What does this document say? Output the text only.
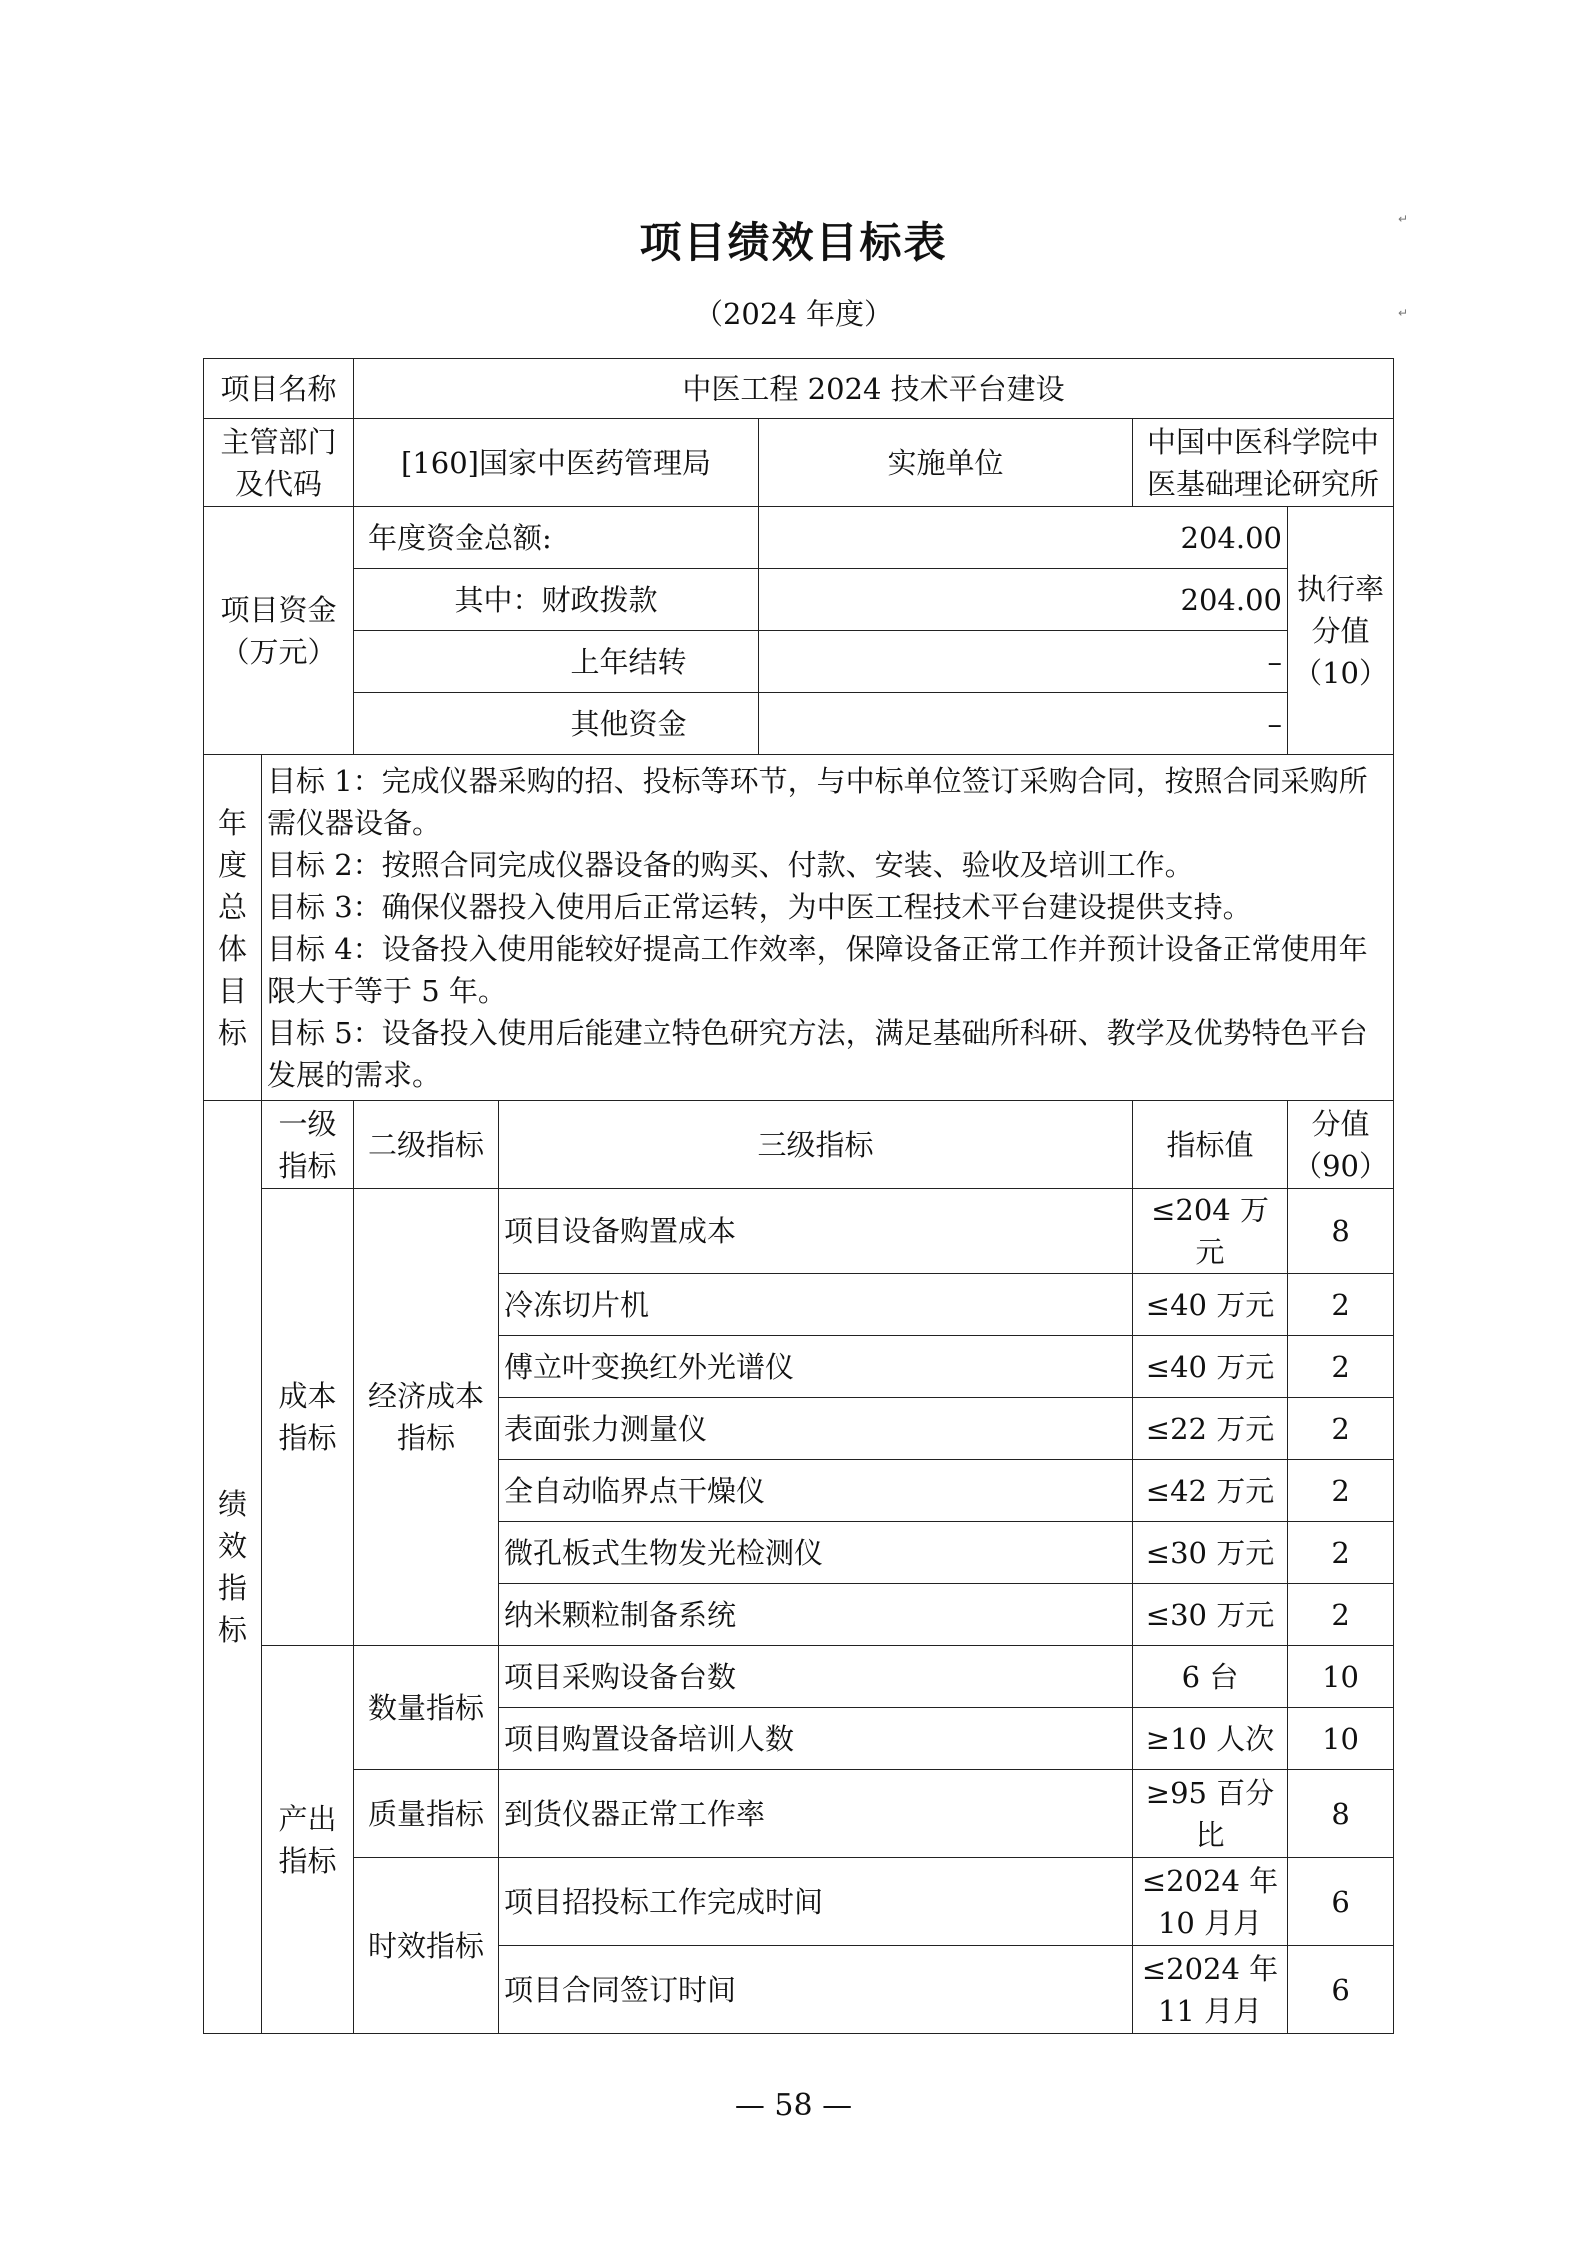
项目绩效目标表
（2024 年度）
项目名称		中医工程 2024 技术平台建设				
主管部门及代码		[160]国家中医药管理局		实施单位	中国中医科学院中医基础理论研究所	
项目资金（万元）		年度资金总额:		204.00		执行率分值（10）
		其中：财政拨款		204.00		
		上年结转		–		
		其他资金		–		

年度总体目标	目标 1：完成仪器采购的招、投标等环节，与中标单位签订采购合同，按照合同采购所需仪器设备。
目标 2：按照合同完成仪器设备的购买、付款、安装、验收及培训工作。
目标 3：确保仪器投入使用后正常运转，为中医工程技术平台建设提供支持。
目标 4：设备投入使用能较好提高工作效率，保障设备正常工作并预计设备正常使用年限大于等于 5 年。
目标 5：设备投入使用后能建立特色研究方法，满足基础所科研、教学及优势特色平台发展的需求。					

绩效指标	一级指标	二级指标	三级指标		指标值	分值（90）
	成本指标	经济成本指标	项目设备购置成本		≤204 万元	8
			冷冻切片机		≤40 万元	2
			傅立叶变换红外光谱仪		≤40 万元	2
			表面张力测量仪		≤22 万元	2
			全自动临界点干燥仪		≤42 万元	2
			微孔板式生物发光检测仪		≤30 万元	2
			纳米颗粒制备系统		≤30 万元	2
	产出指标	数量指标	项目采购设备台数		6 台	10
			项目购置设备培训人数		≥10 人次	10
		质量指标	到货仪器正常工作率		≥95 百分比	8
		时效指标	项目招投标工作完成时间		≤2024 年 10 月月	6
			项目合同签订时间		≤2024 年 11 月月	6
— 58 —
↵
↵
